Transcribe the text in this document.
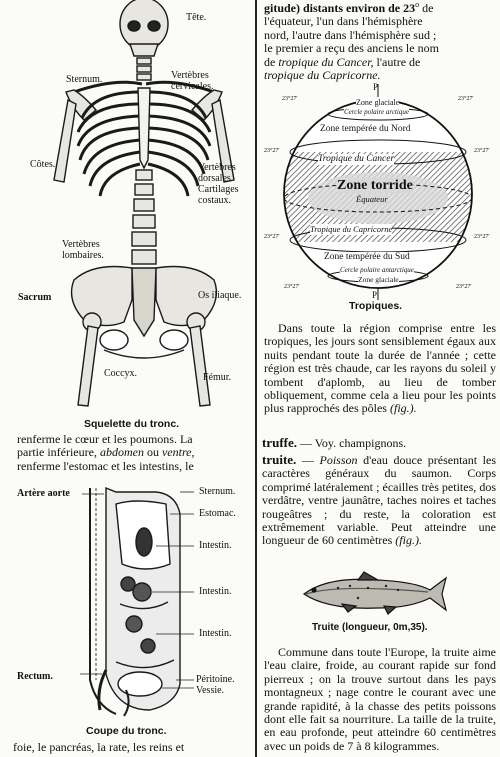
Tête.
Sternum.	Vertèbres
cervicales.
Côtes.	Vertèbres
dorsales.
Cartilages
costaux.
Vertèbres
lombaires.
Sacrum	Os iliaque.
Coccyx.	Fémur.
Squelette du tronc.

renferme le cœur et les poumons. La

partie inférieure, abdomen ou ventre,

renferme l'estomac et les intestins, le

Artère aorte	Sternum.
Estomac.
Intestin.
Intestin.
Intestin.
Rectum.	Péritoine.
Vessie.
Coupe du tronc.
foie, le pancréas, la rate, les reins et

gitude) distants environ de 23$^o$ de

l'équateur, l'un dans l'hémisphère

nord, l'autre dans l'hémisphère sud ;

le premier a reçu des anciens le nom

de tropique du Cancer, l'autre de

tropique du Capricorne.

P
Zone glaciale
Cercle polaire arctique
Zone tempérée du Nord
Tropique du Cancer
Zone torride
Équateur
Tropique du Capricorne
Zone tempérée du Sud
Cercle polaire antarctique
Zone glaciale
P'
23°27'	23°27'
23°27'	23°27'
23°27'	23°27'
23°27'	23°27'
Tropiques.
Dans toute la région comprise entre les tropiques, les jours sont sensiblement égaux aux nuits pendant toute la durée de l'année ; cette région est très chaude, car les rayons du soleil y tombent d'aplomb, au lieu de tomber obliquement, comme cela a lieu pour les points plus rapprochés des pôles (fig.).
truffe. — Voy. champignons.
truite. — Poisson d'eau douce présentant les caractères généraux du saumon. Corps comprimé latéralement ; écailles très petites, dos verdâtre, ventre jaunâtre, taches noires et taches rougeâtres ; du reste, la coloration est extrêmement variable. Peut atteindre une longueur de 60 centimètres (fig.).
Truite (longueur, 0m,35).
Commune dans toute l'Europe, la truite aime l'eau claire, froide, au courant rapide sur fond pierreux ; on la trouve surtout dans les pays montagneux ; nage contre le courant avec une grande rapidité, à la chasse des petits poissons dont elle fait sa nourriture. La taille de la truite, en eau profonde, peut atteindre 60 centimètres avec un poids de 7 à 8 kilogrammes.
